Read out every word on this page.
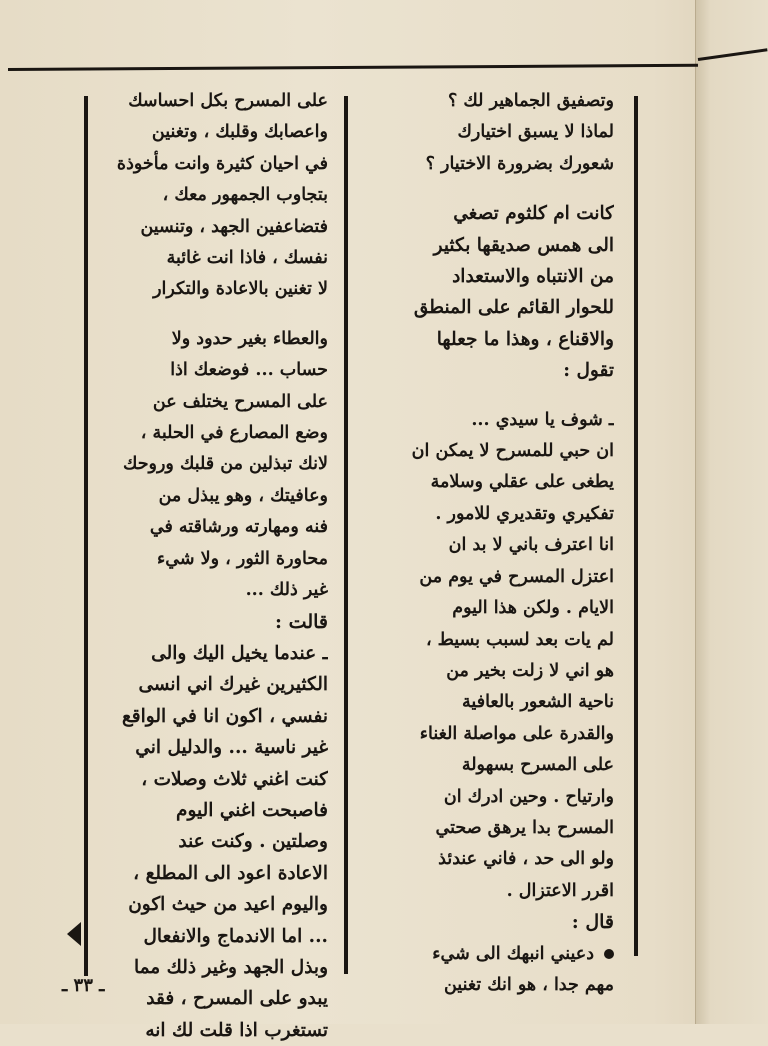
وتصفيق الجماهير لك ؟
لماذا لا يسبق اختيارك
شعورك بضرورة الاختيار ؟

كانت ام كلثوم تصغي
الى همس صديقها بكثير
من الانتباه والاستعداد
للحوار القائم على المنطق
والاقناع ، وهذا ما جعلها
تقول :

ـ شوف يا سيدي ...
ان حبي للمسرح لا يمكن ان
يطغى على عقلي وسلامة
تفكيري وتقديري للامور .
انا اعترف باني لا بد ان
اعتزل المسرح في يوم من
الايام . ولكن هذا اليوم
لم يات بعد لسبب بسيط ،
هو اني لا زلت بخير من
ناحية الشعور بالعافية
والقدرة على مواصلة الغناء
على المسرح بسهولة
وارتياح . وحين ادرك ان
المسرح بدا يرهق صحتي
ولو الى حد ، فاني عندئذ
اقرر الاعتزال .

قال :

دعيني انبهك الى شيء
مهم جدا ، هو انك تغنين

على المسرح بكل احساسك
واعصابك وقلبك ، وتغنين
في احيان كثيرة وانت مأخوذة
بتجاوب الجمهور معك ،
فتضاعفين الجهد ، وتنسين
نفسك ، فاذا انت غائبة
لا تغنين بالاعادة والتكرار

والعطاء بغير حدود ولا
حساب ... فوضعك اذا
على المسرح يختلف عن
وضع المصارع في الحلبة ،
لانك تبذلين من قلبك وروحك
وعافيتك ، وهو يبذل من
فنه ومهارته ورشاقته في
محاورة الثور ، ولا شيء
غير ذلك ...

قالت :

ـ عندما يخيل اليك والى
الكثيرين غيرك اني انسى
نفسي ، اكون انا في الواقع
غير ناسية ... والدليل اني
كنت اغني ثلاث وصلات ،
فاصبحت اغني اليوم
وصلتين . وكنت عند
الاعادة اعود الى المطلع ،
واليوم اعيد من حيث اكون
... اما الاندماج والانفعال
وبذل الجهد وغير ذلك مما
يبدو على المسرح ، فقد
تستغرب اذا قلت لك انه

ـ ٣٣ ـ
